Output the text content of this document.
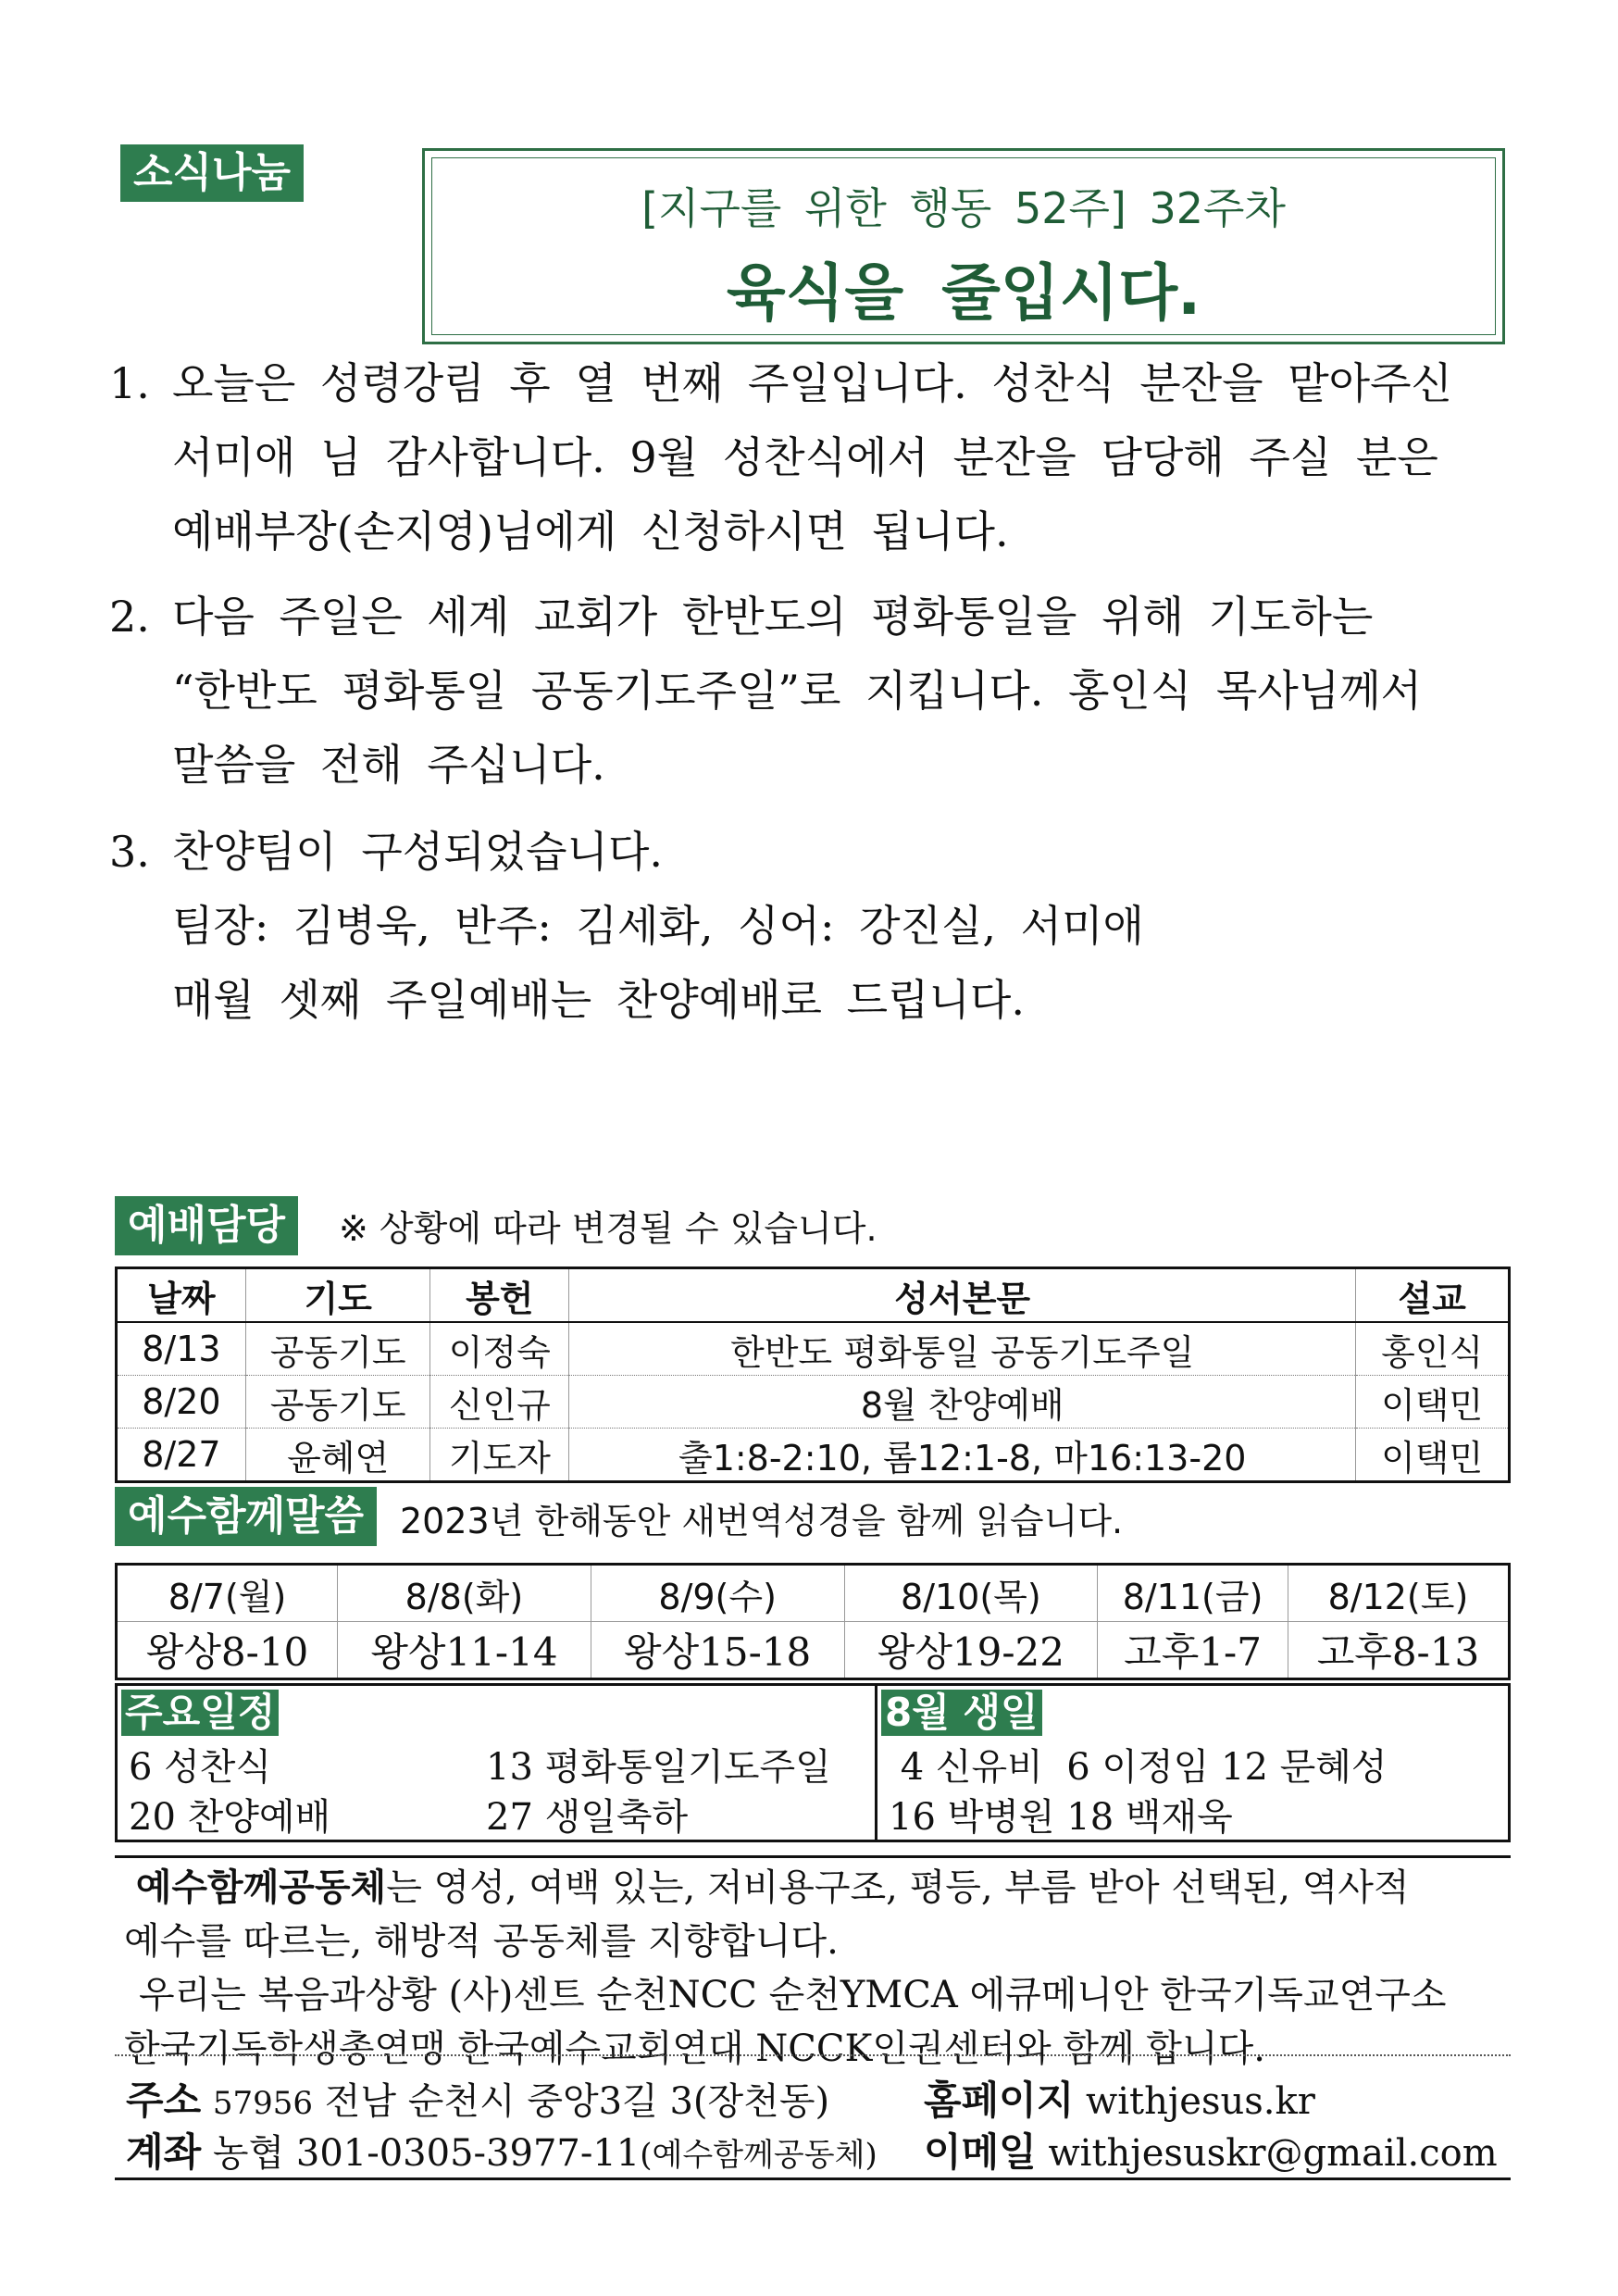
소식나눔
[지구를 위한 행동 52주] 32주차
육식을 줄입시다.
1. 오늘은 성령강림 후 열 번째 주일입니다. 성찬식 분잔을 맡아주신
서미애 님 감사합니다. 9월 성찬식에서 분잔을 담당해 주실 분은
예배부장(손지영)님에게 신청하시면 됩니다.
2. 다음 주일은 세계 교회가 한반도의 평화통일을 위해 기도하는
“한반도 평화통일 공동기도주일”로 지킵니다. 홍인식 목사님께서
말씀을 전해 주십니다.
3. 찬양팀이 구성되었습니다.
팀장: 김병욱, 반주: 김세화, 싱어: 강진실, 서미애
매월 셋째 주일예배는 찬양예배로 드립니다.
예배담당	※ 상황에 따라 변경될 수 있습니다.
날짜	기도	봉헌	성서본문	설교
8/13	공동기도	이정숙	한반도 평화통일 공동기도주일	홍인식
8/20	공동기도	신인규	8월 찬양예배	이택민
8/27	윤혜연	기도자	출1:8-2:10, 롬12:1-8, 마16:13-20	이택민
예수함께말씀	2023년 한해동안 새번역성경을 함께 읽습니다.
8/7(월)	8/8(화)	8/9(수)	8/10(목)	8/11(금)	8/12(토)
왕상8-10	왕상11-14	왕상15-18	왕상19-22	고후1-7	고후8-13
주요일정
6 성찬식	13 평화통일기도주일
20 찬양예배	27 생일축하
8월 생일
4 신유비  6 이정임 12 문혜성
16 박병원 18 백재욱
예수함께공동체는 영성, 여백 있는, 저비용구조, 평등, 부름 받아 선택된, 역사적
예수를 따르는, 해방적 공동체를 지향합니다.
우리는 복음과상황 (사)센트 순천NCC 순천YMCA 에큐메니안 한국기독교연구소
한국기독학생총연맹 한국예수교회연대 NCCK인권센터와 함께 합니다.
주소 57956 전남 순천시 중앙3길 3(장천동) 홈페이지 withjesus.kr
계좌 농협 301-0305-3977-11(예수함께공동체) 이메일 withjesuskr@gmail.com
